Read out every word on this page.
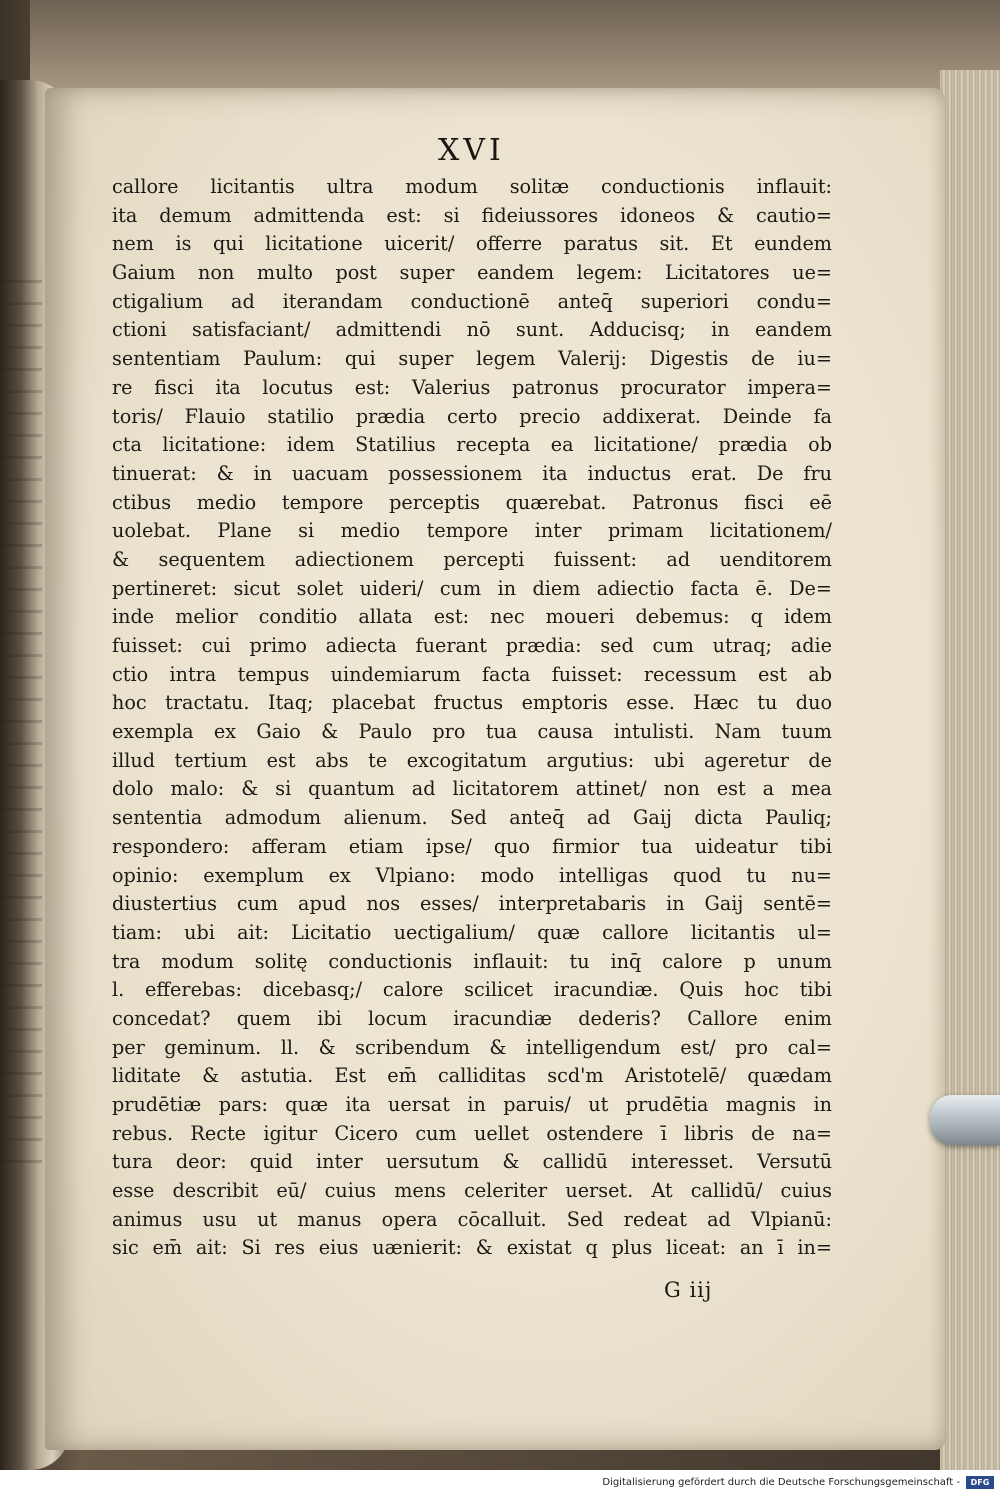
XVI
callore licitantis ultra modum solitæ conductionis inflauit:
ita demum admittenda est: si fideiussores idoneos & cautio=
nem is qui licitatione uicerit/ offerre paratus sit. Et eundem
Gaium non multo post super eandem legem: Licitatores ue=
ctigalium ad iterandam conductionē anteq̄ superiori condu=
ctioni satisfaciant/ admittendi nō sunt. Adducisq; in eandem
sententiam Paulum: qui super legem Valerij: Digestis de iu=
re fisci ita locutus est: Valerius patronus procurator impera=
toris/ Flauio statilio prædia certo precio addixerat. Deinde fa
cta licitatione: idem Statilius recepta ea licitatione/ prædia ob
tinuerat: & in uacuam possessionem ita inductus erat. De fru
ctibus medio tempore perceptis quærebat. Patronus fisci eē
uolebat. Plane si medio tempore inter primam licitationem/
& sequentem adiectionem percepti fuissent: ad uenditorem
pertineret: sicut solet uideri/ cum in diem adiectio facta ē. De=
inde melior conditio allata est: nec moueri debemus: q idem
fuisset: cui primo adiecta fuerant prædia: sed cum utraq; adie
ctio intra tempus uindemiarum facta fuisset: recessum est ab
hoc tractatu. Itaq; placebat fructus emptoris esse. Hæc tu duo
exempla ex Gaio & Paulo pro tua causa intulisti. Nam tuum
illud tertium est abs te excogitatum argutius: ubi ageretur de
dolo malo: & si quantum ad licitatorem attinet/ non est a mea
sententia admodum alienum. Sed anteq̄ ad Gaij dicta Pauliq;
respondero: afferam etiam ipse/ quo firmior tua uideatur tibi
opinio: exemplum ex Vlpiano: modo intelligas quod tu nu=
diustertius cum apud nos esses/ interpretabaris in Gaij sentē=
tiam: ubi ait: Licitatio uectigalium/ quæ callore licitantis ul=
tra modum solitę conductionis inflauit: tu inq̄ calore p unum
l. efferebas: dicebasq;/ calore scilicet iracundiæ. Quis hoc tibi
concedat? quem ibi locum iracundiæ dederis? Callore enim
per geminum. ll. & scribendum & intelligendum est/ pro cal=
liditate & astutia. Est em̄ calliditas scd'm Aristotelē/ quædam
prudētiæ pars: quæ ita uersat in paruis/ ut prudētia magnis in
rebus. Recte igitur Cicero cum uellet ostendere ī libris de na=
tura deor: quid inter uersutum & callidū interesset. Versutū
esse describit eū/ cuius mens celeriter uerset. At callidū/ cuius
animus usu ut manus opera cōcalluit. Sed redeat ad Vlpianū:
sic em̄ ait: Si res eius uænierit: & existat q plus liceat: an ī in=
G iij
Digitalisierung gefördert durch die Deutsche Forschungsgemeinschaft -	DFG
